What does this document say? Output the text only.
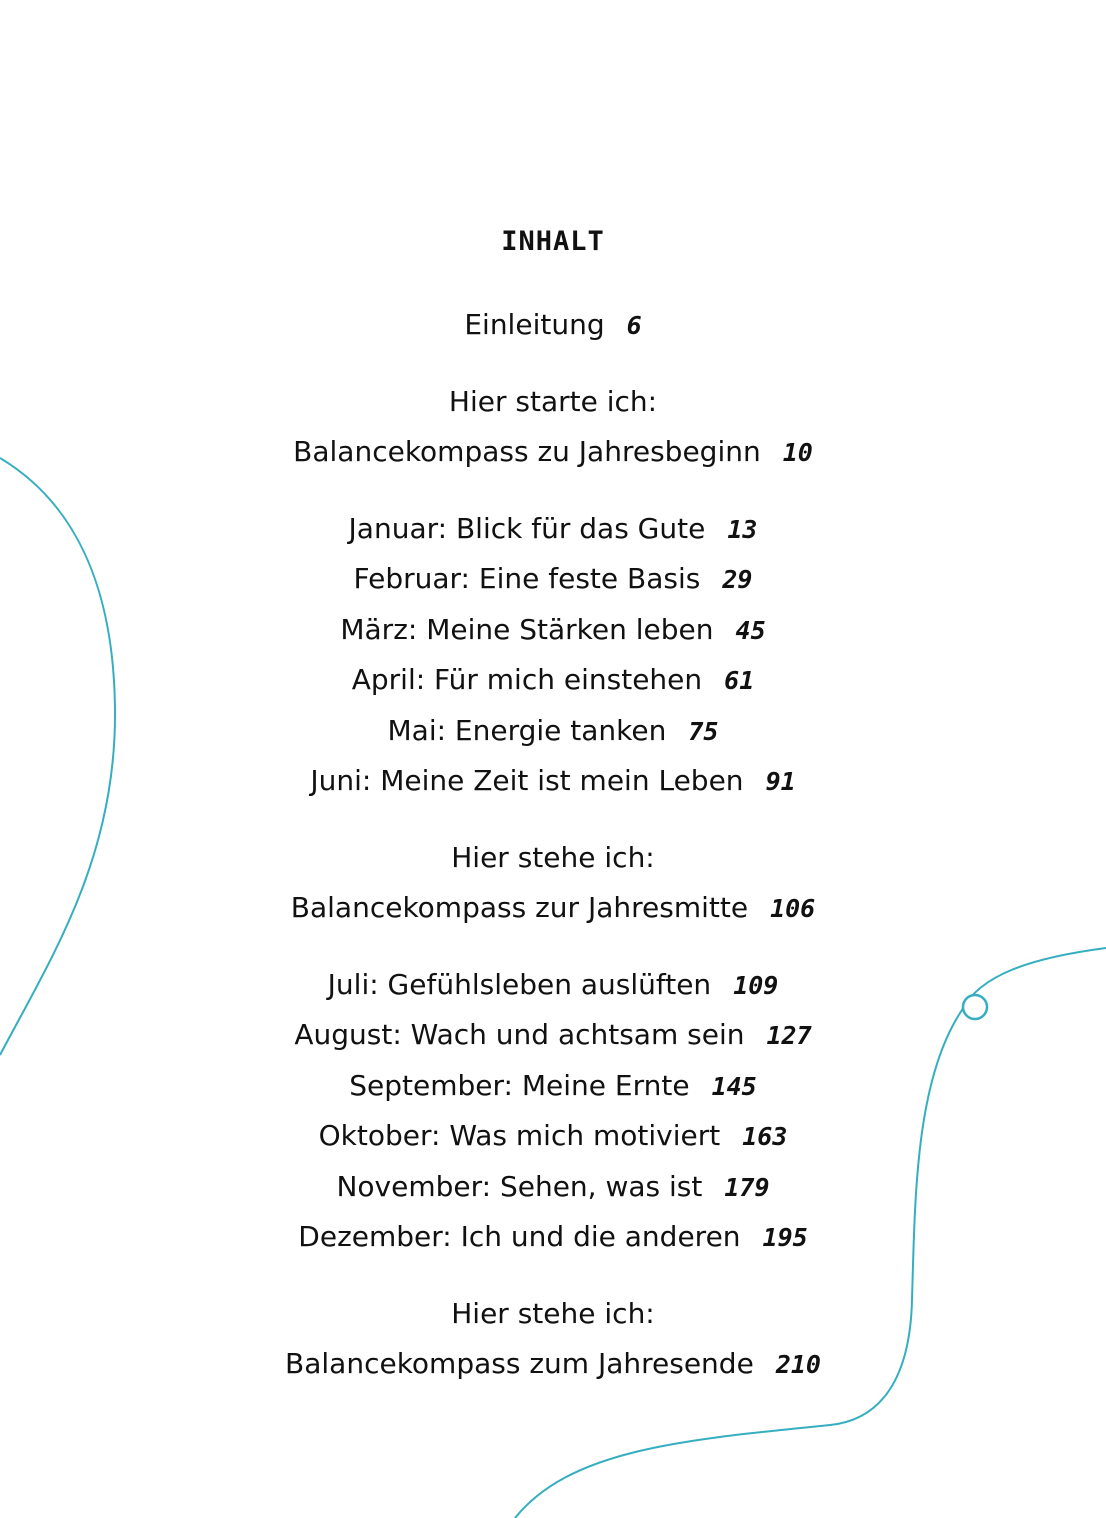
INHALT
Einleitung 6
Hier starte ich:
Balancekompass zu Jahresbeginn 10
Januar: Blick für das Gute 13
Februar: Eine feste Basis 29
März: Meine Stärken leben 45
April: Für mich einstehen 61
Mai: Energie tanken 75
Juni: Meine Zeit ist mein Leben 91
Hier stehe ich:
Balancekompass zur Jahresmitte 106
Juli: Gefühlsleben auslüften 109
August: Wach und achtsam sein 127
September: Meine Ernte 145
Oktober: Was mich motiviert 163
November: Sehen, was ist 179
Dezember: Ich und die anderen 195
Hier stehe ich:
Balancekompass zum Jahresende 210
